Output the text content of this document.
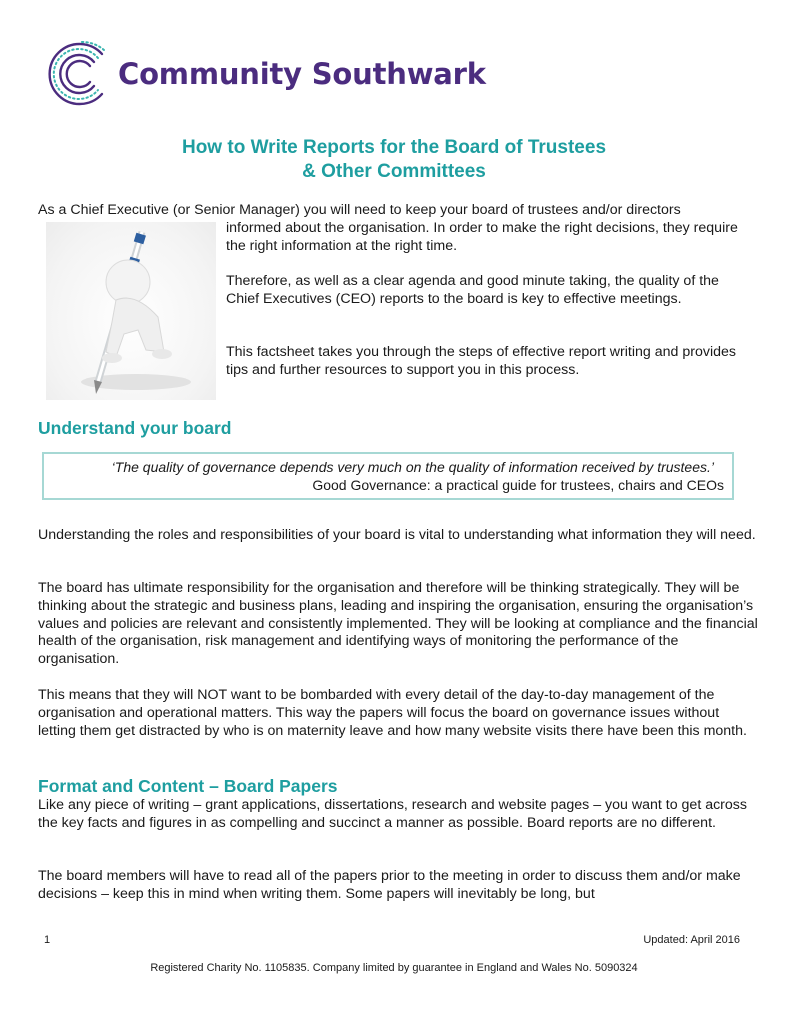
Community Southwark
How to Write Reports for the Board of Trustees
& Other Committees

As a Chief Executive (or Senior Manager) you will need to keep your board of trustees and/or directors

informed about the organisation. In order to make the right decisions, they require the right information at the right time.

Therefore, as well as a clear agenda and good minute taking, the quality of the Chief Executives (CEO) reports to the board is key to effective meetings.

This factsheet takes you through the steps of effective report writing and provides tips and further resources to support you in this process.

Understand your board
‘The quality of governance depends very much on the quality of information received by trustees.’
Good Governance: a practical guide for trustees, chairs and CEOs

Understanding the roles and responsibilities of your board is vital to understanding what information they will need.

The board has ultimate responsibility for the organisation and therefore will be thinking strategically. They will be thinking about the strategic and business plans, leading and inspiring the organisation, ensuring the organisation’s values and policies are relevant and consistently implemented. They will be looking at compliance and the financial health of the organisation, risk management and identifying ways of monitoring the performance of the organisation.

This means that they will NOT want to be bombarded with every detail of the day-to-day management of the organisation and operational matters. This way the papers will focus the board on governance issues without letting them get distracted by who is on maternity leave and how many website visits there have been this month.

Format and Content – Board Papers

Like any piece of writing – grant applications, dissertations, research and website pages – you want to get across the key facts and figures in as compelling and succinct a manner as possible. Board reports are no different.

The board members will have to read all of the papers prior to the meeting in order to discuss them and/or make decisions – keep this in mind when writing them. Some papers will inevitably be long, but

1	Updated: April 2016
Registered Charity No. 1105835. Company limited by guarantee in England and Wales No. 5090324
